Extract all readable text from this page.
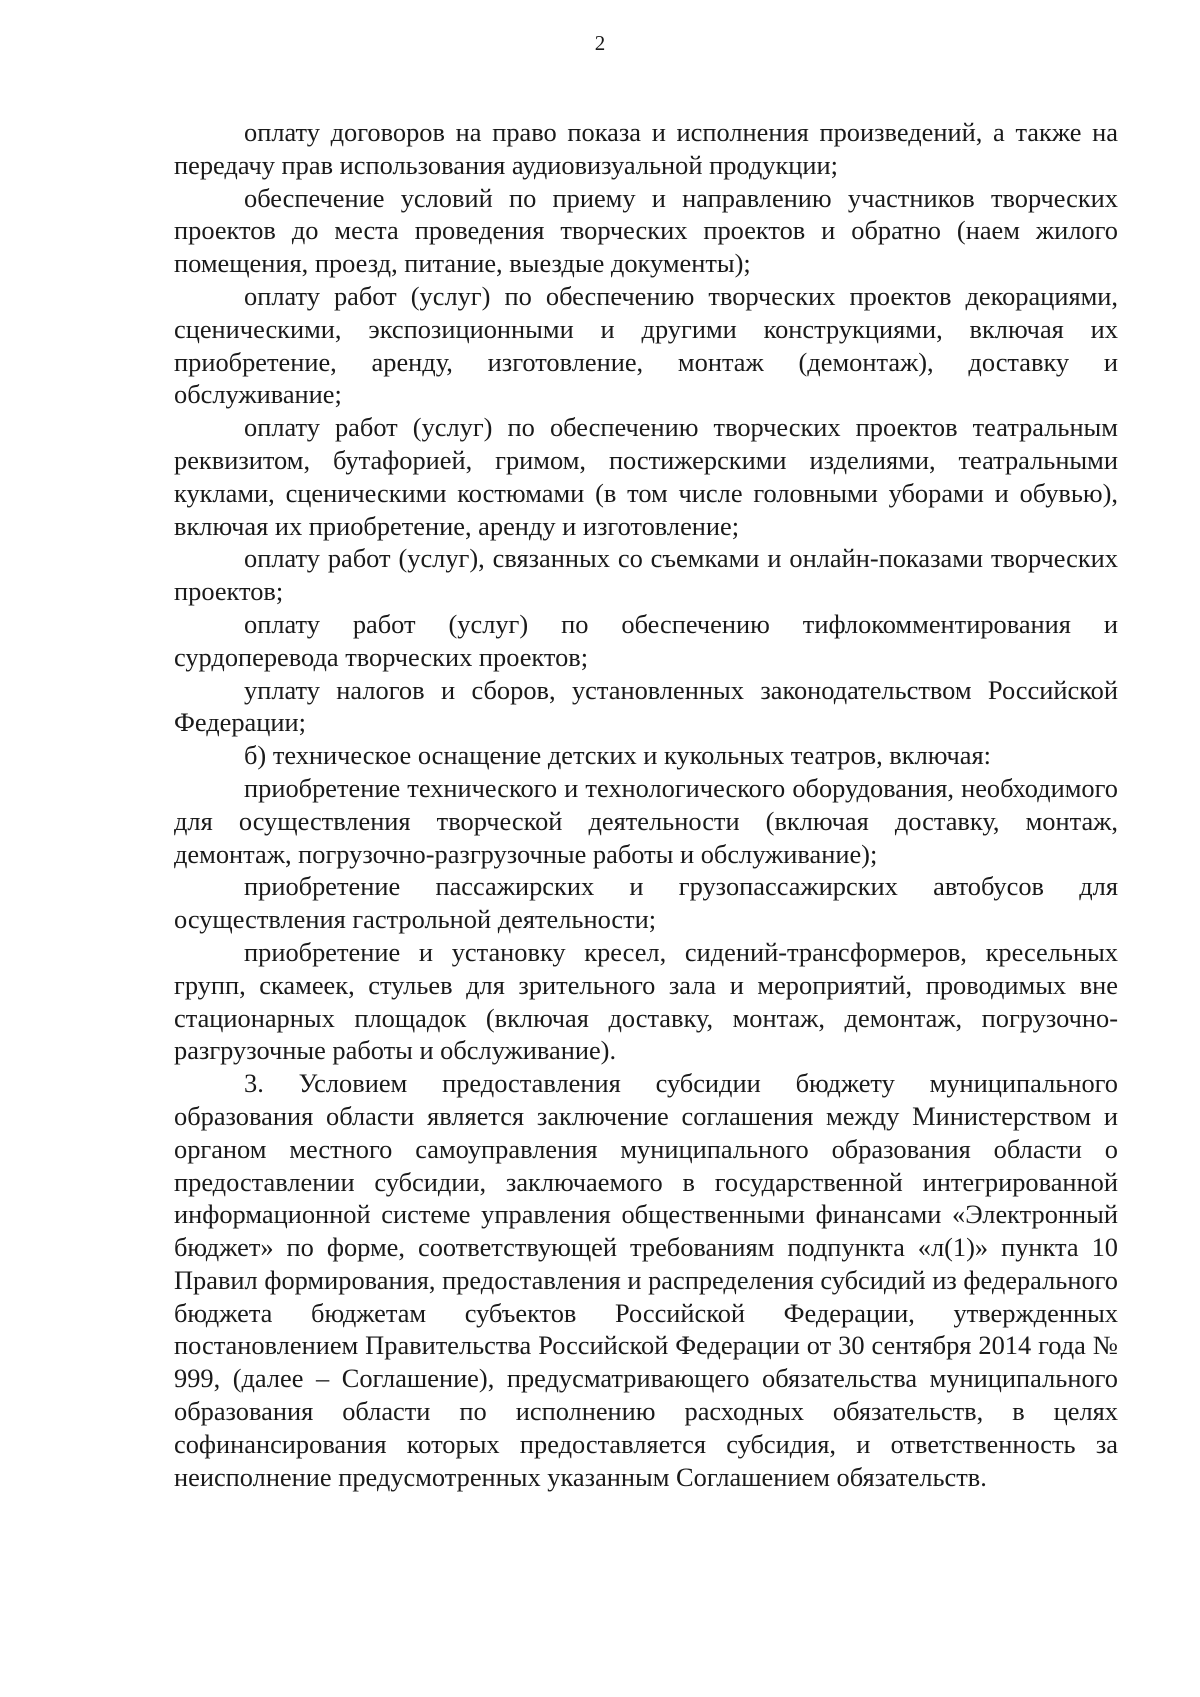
2

оплату договоров на право показа и исполнения произведений, а также на передачу прав использования аудиовизуальной продукции;

обеспечение условий по приему и направлению участников творческих проектов до места проведения творческих проектов и обратно (наем жилого помещения, проезд, питание, выездые документы);

оплату работ (услуг) по обеспечению творческих проектов декорациями, сценическими, экспозиционными и другими конструкциями, включая их приобретение, аренду, изготовление, монтаж (демонтаж), доставку и обслуживание;

оплату работ (услуг) по обеспечению творческих проектов театральным реквизитом, бутафорией, гримом, постижерскими изделиями, театральными куклами, сценическими костюмами (в том числе головными уборами и обувью), включая их приобретение, аренду и изготовление;

оплату работ (услуг), связанных со съемками и онлайн-показами творческих проектов;

оплату работ (услуг) по обеспечению тифлокомментирования и сурдоперевода творческих проектов;

уплату налогов и сборов, установленных законодательством Российской Федерации;

б) техническое оснащение детских и кукольных театров, включая:

приобретение технического и технологического оборудования, необходимого для осуществления творческой деятельности (включая доставку, монтаж, демонтаж, погрузочно-разгрузочные работы и обслуживание);

приобретение пассажирских и грузопассажирских автобусов для осуществления гастрольной деятельности;

приобретение и установку кресел, сидений-трансформеров, кресельных групп, скамеек, стульев для зрительного зала и мероприятий, проводимых вне стационарных площадок (включая доставку, монтаж, демонтаж, погрузочно-разгрузочные работы и обслуживание).

3. Условием предоставления субсидии бюджету муниципального образования области является заключение соглашения между Министерством и органом местного самоуправления муниципального образования области о предоставлении субсидии, заключаемого в государственной интегрированной информационной системе управления общественными финансами «Электронный бюджет» по форме, соответствующей требованиям подпункта «л(1)» пункта 10 Правил формирования, предоставления и распределения субсидий из федерального бюджета бюджетам субъектов Российской Федерации, утвержденных постановлением Правительства Российской Федерации от 30 сентября 2014 года № 999, (далее – Соглашение), предусматривающего обязательства муниципального образования области по исполнению расходных обязательств, в целях софинансирования которых предоставляется субсидия, и ответственность за неисполнение предусмотренных указанным Соглашением обязательств.
